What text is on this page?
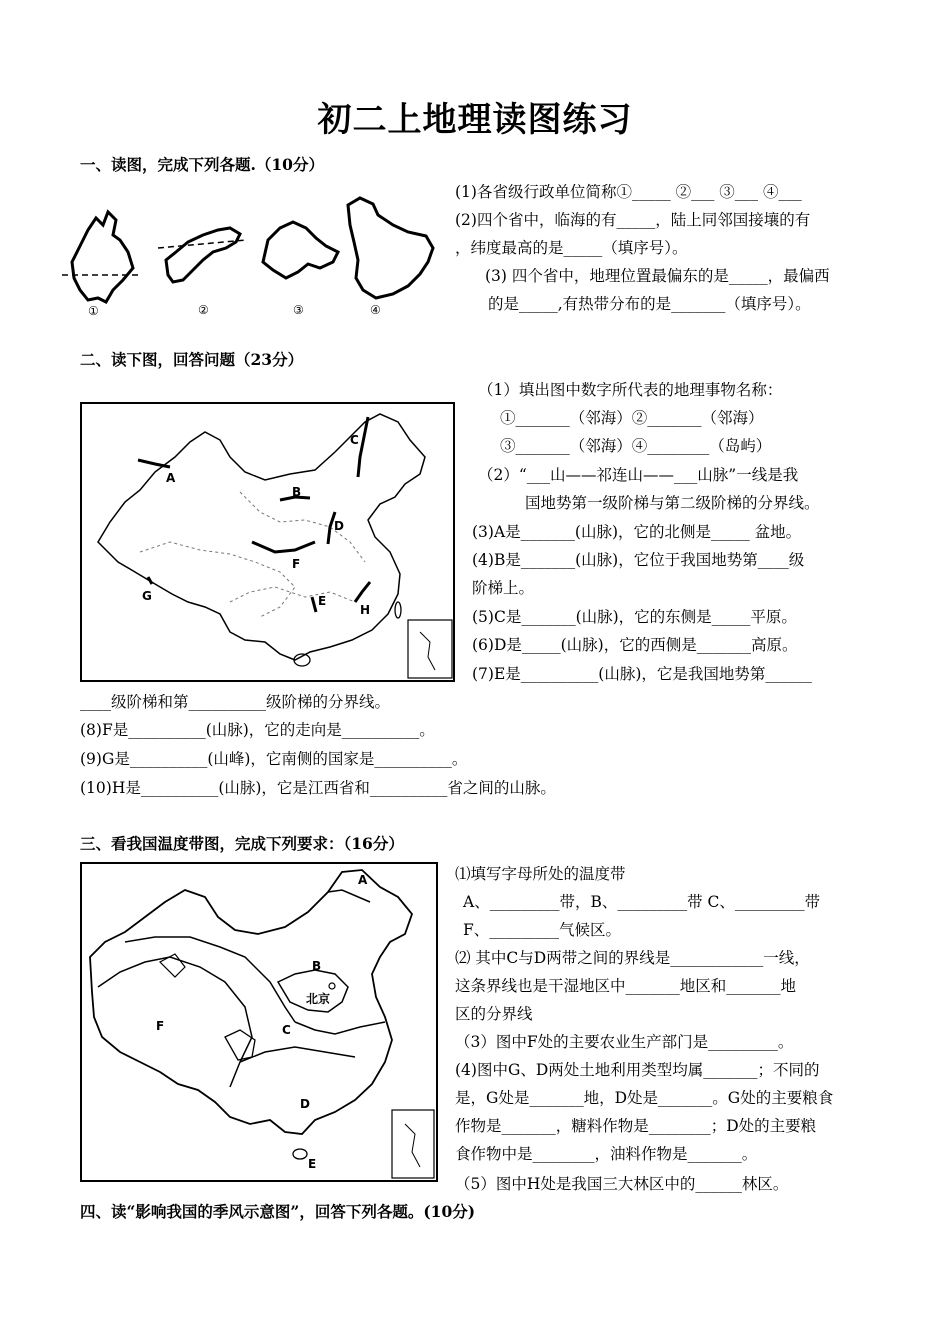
初二上地理读图练习
一、读图，完成下列各题.（10分）
①	②	③	④
(1)各省级行政单位简称①_____ ②___ ③___ ④___
(2)四个省中，临海的有_____，陆上同邻国接壤的有
，纬度最高的是_____（填序号）。
(3) 四个省中，地理位置最偏东的是_____，最偏西
的是_____,有热带分布的是_______（填序号）。
二、读下图，回答问题（23分）
A
B
C
D
E
F
G
H
（1）填出图中数字所代表的地理事物名称：
①_______（邻海）②_______（邻海）
③_______（邻海）④________（岛屿）
（2）“___山——祁连山——___山脉”一线是我
国地势第一级阶梯与第二级阶梯的分界线。
(3)A是_______(山脉)，它的北侧是_____ 盆地。
(4)B是_______(山脉)，它位于我国地势第____级
阶梯上。
(5)C是_______(山脉)，它的东侧是_____平原。
(6)D是_____(山脉)，它的西侧是_______高原。
(7)E是__________(山脉)，它是我国地势第______
____级阶梯和第__________级阶梯的分界线。
(8)F是__________(山脉)，它的走向是__________。
(9)G是__________(山峰)，它南侧的国家是__________。
(10)H是__________(山脉)，它是江西省和__________省之间的山脉。
三、看我国温度带图，完成下列要求：（16分）
A
B
C
D
E
F
北京
⑴填写字母所处的温度带
A、_________带，B、_________带 C、_________带
F、_________气候区。
⑵ 其中C与D两带之间的界线是____________一线，
这条界线也是干湿地区中_______地区和_______地
区的分界线
（3）图中F处的主要农业生产部门是_________。
(4)图中G、D两处土地利用类型均属_______；不同的
是，G处是_______地，D处是_______。G处的主要粮食
作物是_______，糖料作物是________；D处的主要粮
食作物中是________，油料作物是_______。
（5）图中H处是我国三大林区中的______林区。
四、读“影响我国的季风示意图”，回答下列各题。(10分)
